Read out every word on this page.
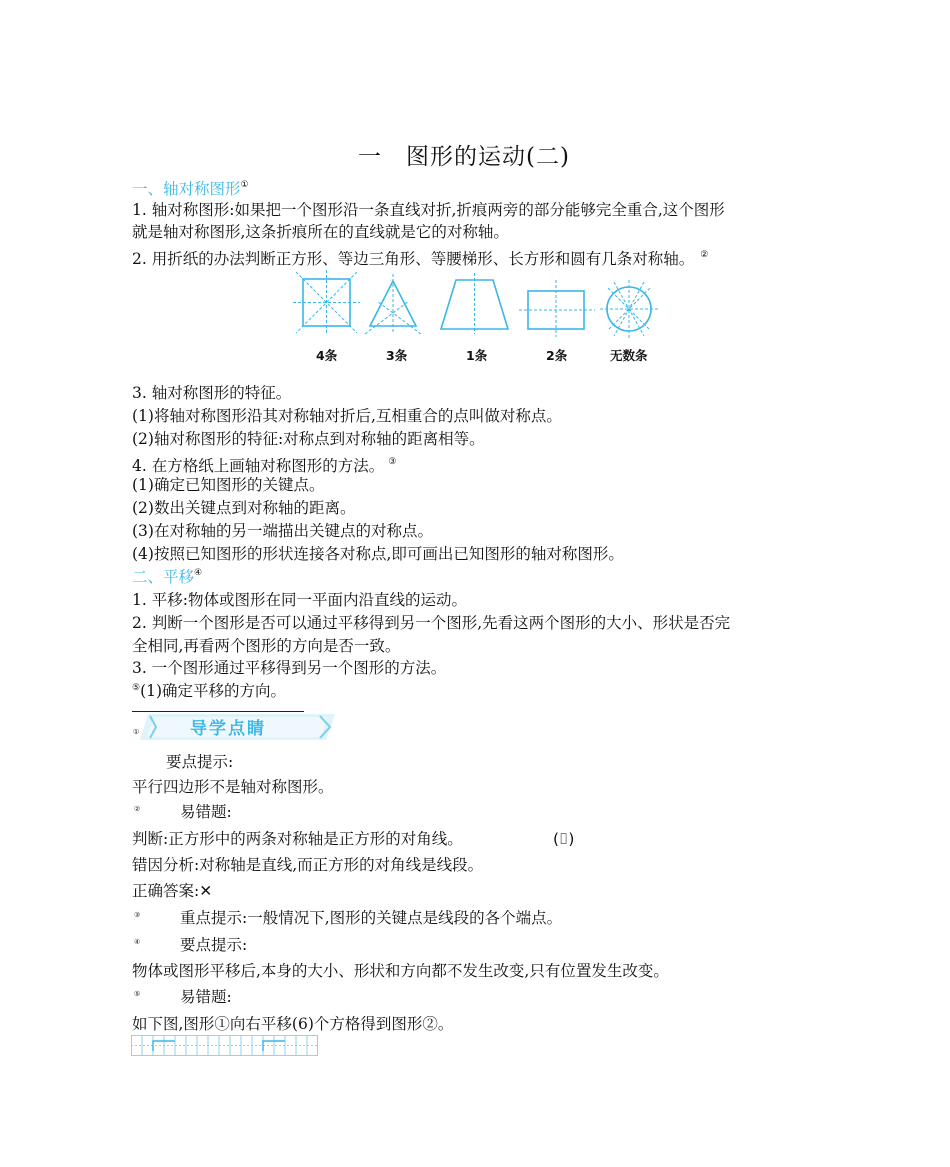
一　图形的运动(二)
一、轴对称图形①
1. 轴对称图形:如果把一个图形沿一条直线对折,折痕两旁的部分能够完全重合,这个图形
就是轴对称图形,这条折痕所在的直线就是它的对称轴。
2. 用折纸的办法判断正方形、等边三角形、等腰梯形、长方形和圆有几条对称轴。 ②
4条	3条	1条	2条	无数条
3. 轴对称图形的特征。
(1)将轴对称图形沿其对称轴对折后,互相重合的点叫做对称点。
(2)轴对称图形的特征:对称点到对称轴的距离相等。
4. 在方格纸上画轴对称图形的方法。 ③
(1)确定已知图形的关键点。
(2)数出关键点到对称轴的距离。
(3)在对称轴的另一端描出关键点的对称点。
(4)按照已知图形的形状连接各对称点,即可画出已知图形的轴对称图形。
二、平移④
1. 平移:物体或图形在同一平面内沿直线的运动。
2. 判断一个图形是否可以通过平移得到另一个图形,先看这两个图形的大小、形状是否完
全相同,再看两个图形的方向是否一致。
3. 一个图形通过平移得到另一个图形的方法。
⑤(1)确定平移的方向。
导学点睛
①
要点提示:
平行四边形不是轴对称图形。
②	易错题:
判断:正方形中的两条对称轴是正方形的对角线。	(⌷)
错因分析:对称轴是直线,而正方形的对角线是线段。
正确答案:✕
③	重点提示:一般情况下,图形的关键点是线段的各个端点。
④	要点提示:
物体或图形平移后,本身的大小、形状和方向都不发生改变,只有位置发生改变。
⑤	易错题:
如下图,图形①向右平移(6)个方格得到图形②。
